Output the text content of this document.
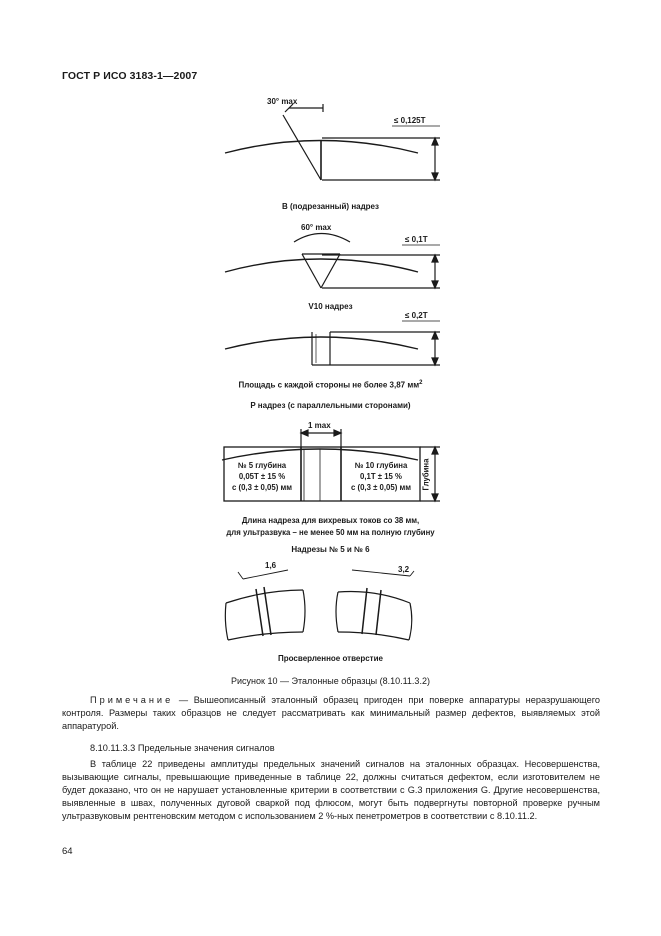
ГОСТ Р ИСО 3183-1—2007
30° max
≤ 0,125T
B (подрезанный) надрез
60° max
≤ 0,1T
V10 надрез
≤ 0,2T
Площадь с каждой стороны не более 3,87 $мм^2$
P надрез (с параллельными сторонами)
1 max
№ 5 глубина
0,05T ± 15 %
с (0,3 ± 0,05) мм
№ 10 глубина
0,1T ± 15 %
с (0,3 ± 0,05) мм	Глубина
Длина надреза для вихревых токов со 38 мм,
для ультразвука – не менее 50 мм на полную глубину
Надрезы № 5 и № 6
1,6	3,2
Просверленное отверстие
Рисунок 10 — Эталонные образцы (8.10.11.3.2)
Примечание — Вышеописанный эталонный образец пригоден при поверке аппаратуры неразрушающего контроля. Размеры таких образцов не следует рассматривать как минимальный размер дефектов, выявляемых этой аппаратурой.
8.10.11.3.3 Предельные значения сигналов
В таблице 22 приведены амплитуды предельных значений сигналов на эталонных образцах. Несовершенства, вызывающие сигналы, превышающие приведенные в таблице 22, должны считаться дефектом, если изготовителем не будет доказано, что он не нарушает установленные критерии в соответствии с G.3 приложения G. Другие несовершенства, выявленные в швах, полученных дуговой сваркой под флюсом, могут быть подвергнуты повторной проверке ручным ультразвуковым рентгеновским методом с использованием 2 %-ных пенетрометров в соответствии с 8.10.11.2.
64
